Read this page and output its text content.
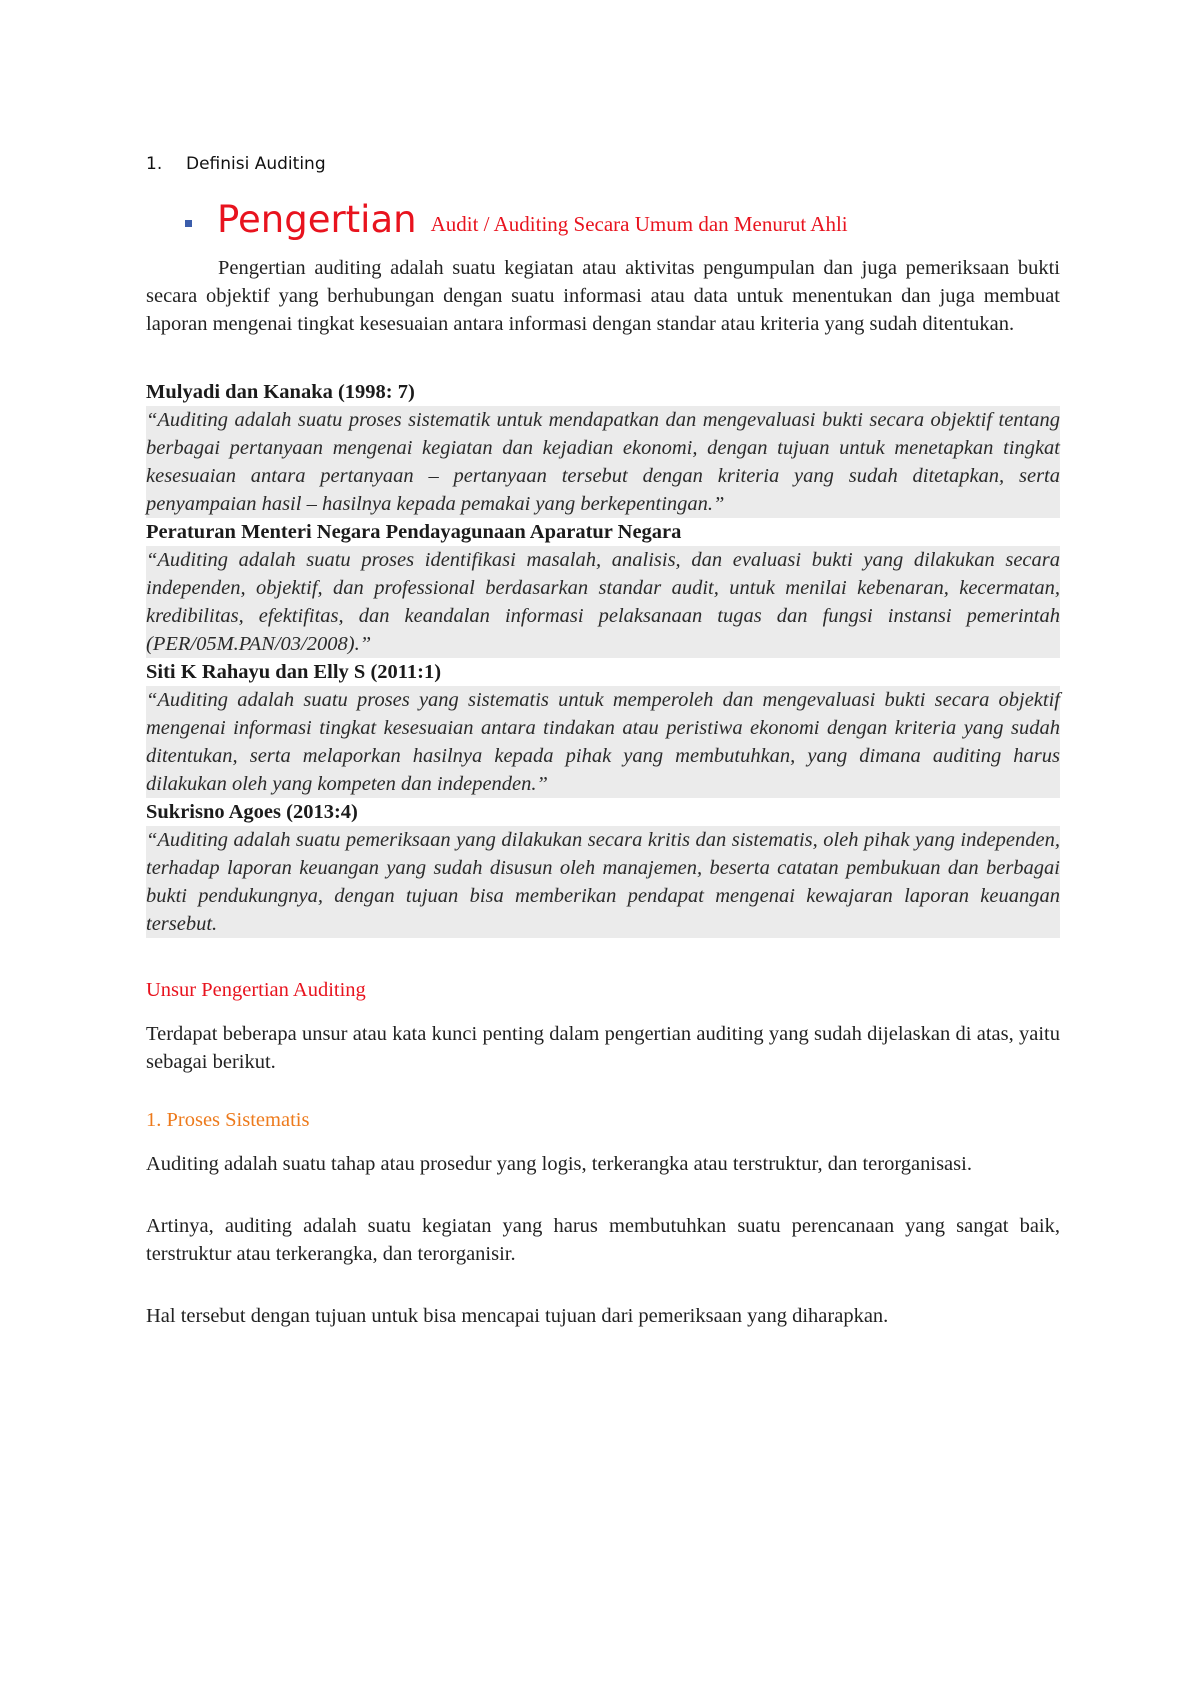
1.	Definisi Auditing
Pengertian Audit / Auditing Secara Umum dan Menurut Ahli

Pengertian auditing adalah suatu kegiatan atau aktivitas pengumpulan dan juga pemeriksaan bukti secara objektif yang berhubungan dengan suatu informasi atau data untuk menentukan dan juga membuat laporan mengenai tingkat kesesuaian antara informasi dengan standar atau kriteria yang sudah ditentukan.

Mulyadi dan Kanaka (1998: 7)
“Auditing adalah suatu proses sistematik untuk mendapatkan dan mengevaluasi bukti secara objektif tentang berbagai pertanyaan mengenai kegiatan dan kejadian ekonomi, dengan tujuan untuk menetapkan tingkat kesesuaian antara pertanyaan – pertanyaan tersebut dengan kriteria yang sudah ditetapkan, serta penyampaian hasil – hasilnya kepada pemakai yang berkepentingan.”
Peraturan Menteri Negara Pendayagunaan Aparatur Negara
“Auditing adalah suatu proses identifikasi masalah, analisis, dan evaluasi bukti yang dilakukan secara independen, objektif, dan professional berdasarkan standar audit, untuk menilai kebenaran, kecermatan, kredibilitas, efektifitas, dan keandalan informasi pelaksanaan tugas dan fungsi instansi pemerintah (PER/05M.PAN/03/2008).”
Siti K Rahayu dan Elly S (2011:1)
“Auditing adalah suatu proses yang sistematis untuk memperoleh dan mengevaluasi bukti secara objektif mengenai informasi tingkat kesesuaian antara tindakan atau peristiwa ekonomi dengan kriteria yang sudah ditentukan, serta melaporkan hasilnya kepada pihak yang membutuhkan, yang dimana auditing harus dilakukan oleh yang kompeten dan independen.”
Sukrisno Agoes (2013:4)
“Auditing adalah suatu pemeriksaan yang dilakukan secara kritis dan sistematis, oleh pihak yang independen, terhadap laporan keuangan yang sudah disusun oleh manajemen, beserta catatan pembukuan dan berbagai bukti pendukungnya, dengan tujuan bisa memberikan pendapat mengenai kewajaran laporan keuangan tersebut.
Unsur Pengertian Auditing

Terdapat beberapa unsur atau kata kunci penting dalam pengertian auditing yang sudah dijelaskan di atas, yaitu sebagai berikut.

1. Proses Sistematis

Auditing adalah suatu tahap atau prosedur yang logis, terkerangka atau terstruktur, dan terorganisasi.

Artinya, auditing adalah suatu kegiatan yang harus membutuhkan suatu perencanaan yang sangat baik, terstruktur atau terkerangka, dan terorganisir.

Hal tersebut dengan tujuan untuk bisa mencapai tujuan dari pemeriksaan yang diharapkan.
